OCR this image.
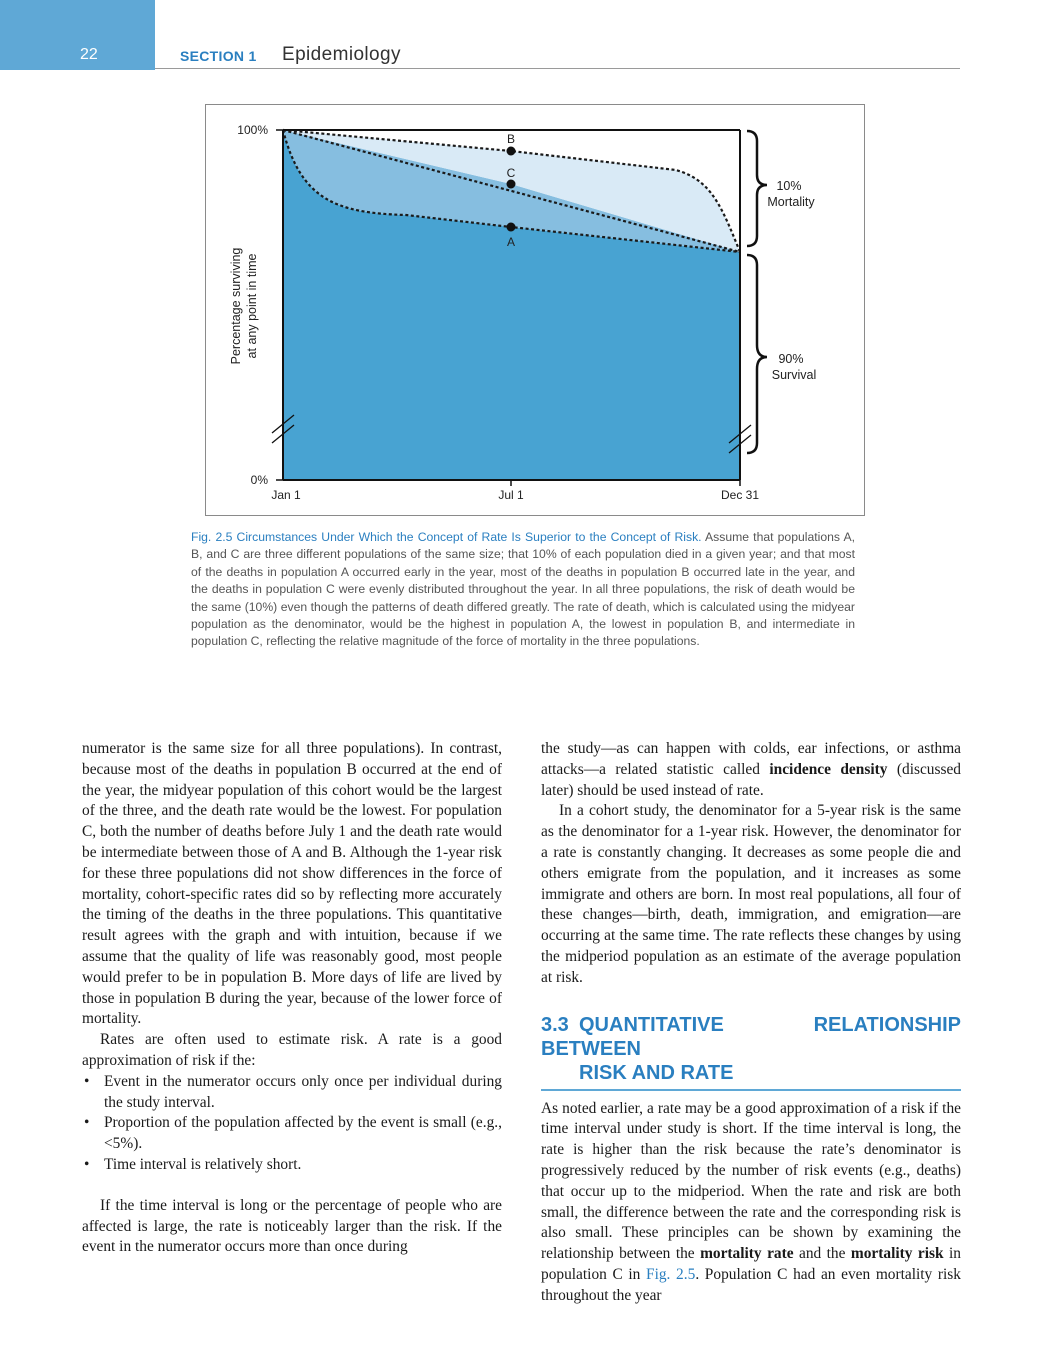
22	SECTION 1 Epidemiology
B
C
A
100%
0%
Jan 1	Jul 1	Dec 31
Percentage surviving at any point in time
10%
Mortality
90%
Survival
Fig. 2.5 Circumstances Under Which the Concept of Rate Is Superior to the Concept of Risk. Assume that populations A, B, and C are three different populations of the same size; that 10% of each population died in a given year; and that most of the deaths in population A occurred early in the year, most of the deaths in population B occurred late in the year, and the deaths in population C were evenly distributed throughout the year. In all three populations, the risk of death would be the same (10%) even though the patterns of death differed greatly. The rate of death, which is calculated using the midyear population as the denominator, would be the highest in population A, the lowest in population B, and intermediate in population C, reflecting the relative magnitude of the force of mortality in the three populations.

numerator is the same size for all three populations). In contrast, because most of the deaths in population B occurred at the end of the year, the midyear population of this cohort would be the largest of the three, and the death rate would be the lowest. For population C, both the number of deaths before July 1 and the death rate would be intermediate between those of A and B. Although the 1-year risk for these three populations did not show differences in the force of mortality, cohort-specific rates did so by reflecting more accurately the timing of the deaths in the three populations. This quantitative result agrees with the graph and with intuition, because if we assume that the quality of life was reasonably good, most people would prefer to be in population B. More days of life are lived by those in population B during the year, because of the lower force of mortality.

Rates are often used to estimate risk. A rate is a good approximation of risk if the:

• Event in the numerator occurs only once per individual during the study interval.
• Proportion of the population affected by the event is small (e.g., <5%).
• Time interval is relatively short.

If the time interval is long or the percentage of people who are affected is large, the rate is noticeably larger than the risk. If the event in the numerator occurs more than once during

the study—as can happen with colds, ear infections, or asthma attacks—a related statistic called incidence density (discussed later) should be used instead of rate.

In a cohort study, the denominator for a 5-year risk is the same as the denominator for a 1-year risk. However, the denominator for a rate is constantly changing. It decreases as some people die and others emigrate from the population, and it increases as some immigrate and others are born. In most real populations, all four of these changes—birth, death, immigration, and emigration—are occurring at the same time. The rate reflects these changes by using the midperiod population as an estimate of the average population at risk.

3.3 QUANTITATIVE RELATIONSHIP BETWEEN
RISK AND RATE

As noted earlier, a rate may be a good approximation of a risk if the time interval under study is short. If the time interval is long, the rate is higher than the risk because the rate’s denominator is progressively reduced by the number of risk events (e.g., deaths) that occur up to the midperiod. When the rate and risk are both small, the difference between the rate and the corresponding risk is also small. These principles can be shown by examining the relationship between the mortality rate and the mortality risk in population C in Fig. 2.5. Population C had an even mortality risk throughout the year
